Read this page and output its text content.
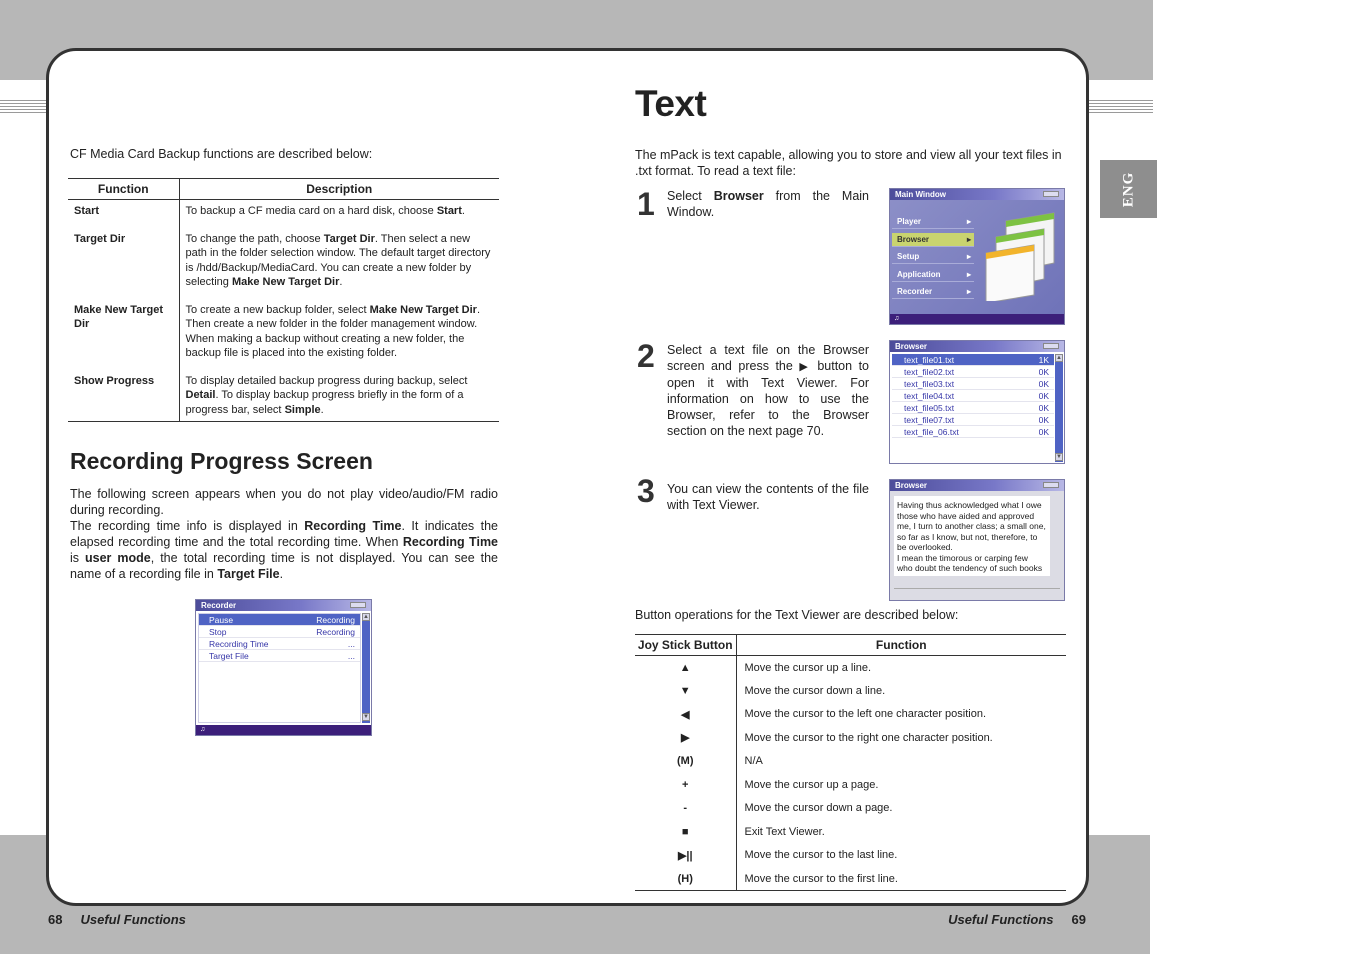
ENG
68 Useful Functions	Useful Functions 69
CF Media Card Backup functions are described below:
Function	Description
Start	To backup a CF media card on a hard disk, choose Start.
Target Dir	To change the path, choose Target Dir. Then select a new path in the folder selection window. The default target directory is /hdd/Backup/MediaCard. You can create a new folder by selecting Make New Target Dir.
Make New Target Dir	To create a new backup folder, select Make New Target Dir. Then create a new folder in the folder management window. When making a backup without creating a new folder, the backup file is placed into the existing folder.
Show Progress	To display detailed backup progress during backup, select Detail. To display backup progress briefly in the form of a progress bar, select Simple.
Recording Progress Screen
The following screen appears when you do not play video/audio/FM radio during recording.
The recording time info is displayed in Recording Time. It indicates the elapsed recording time and the total recording time. When Recording Time is user mode, the total recording time is not displayed. You can see the name of a recording file in Target File.
Recorder
Pause	Recording
Stop	Recording
Recording Time	...
Target File	...
▲
▼
♫
Text
The mPack is text capable, allowing you to store and view all your text files in .txt format. To read a text file:
1 Select Browser from the Main Window.
2 Select a text file on the Browser screen and press the ▶ button to open it with Text Viewer. For information on how to use the Browser, refer to the Browser section on the next page 70.
3 You can view the contents of the file with Text Viewer.
Main Window
Player ▸
Browser ▸
Setup ▸
Application ▸
Recorder ▸
♫
Browser
text_file01.txt	1K
text_file02.txt	0K
text_file03.txt	0K
text_file04.txt	0K
text_file05.txt	0K
text_file07.txt	0K
text_file_06.txt	0K
▲
▼
Browser
Having thus acknowledged what I owe
those who have aided and approved
me, I turn to another class; a small one,
so far as I know, but not, therefore, to
be overlooked.
I mean the timorous or carping few
who doubt the tendency of such books
Button operations for the Text Viewer are described below:
Joy Stick Button	Function
▲	Move the cursor up a line.
▼	Move the cursor down a line.
◀	Move the cursor to the left one character position.
▶	Move the cursor to the right one character position.
(M)	N/A
+	Move the cursor up a page.
-	Move the cursor down a page.
■	Exit Text Viewer.
▶||	Move the cursor to the last line.
(H)	Move the cursor to the first line.
